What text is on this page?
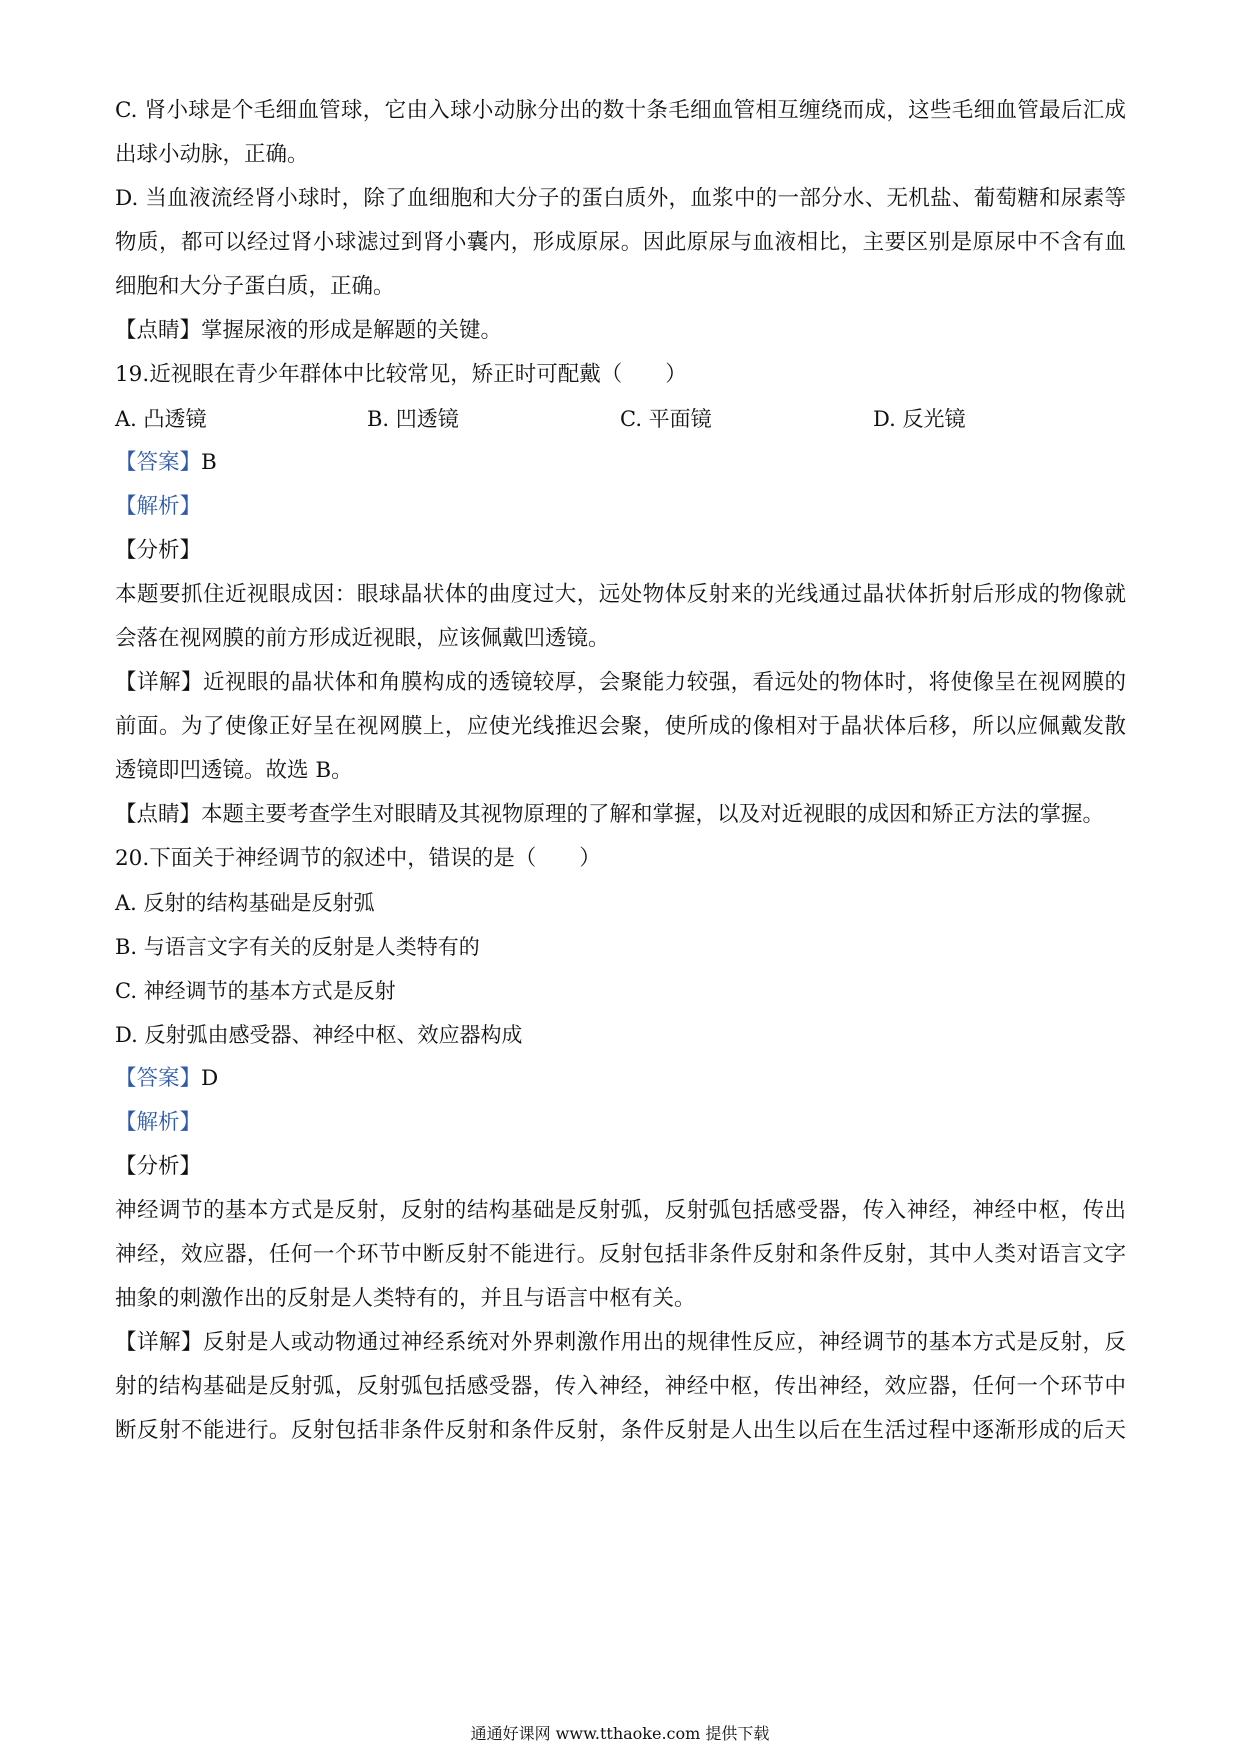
C. 肾小球是个毛细血管球，它由入球小动脉分出的数十条毛细血管相互缠绕而成，这些毛细血管最后汇成
出球小动脉，正确。
D. 当血液流经肾小球时，除了血细胞和大分子的蛋白质外，血浆中的一部分水、无机盐、葡萄糖和尿素等
物质，都可以经过肾小球滤过到肾小囊内，形成原尿。因此原尿与血液相比，主要区别是原尿中不含有血
细胞和大分子蛋白质，正确。
【点睛】掌握尿液的形成是解题的关键。
19.近视眼在青少年群体中比较常见，矫正时可配戴（　　）
A. 凸透镜	B. 凹透镜	C. 平面镜	D. 反光镜
【答案】B
【解析】
【分析】
本题要抓住近视眼成因：眼球晶状体的曲度过大，远处物体反射来的光线通过晶状体折射后形成的物像就
会落在视网膜的前方形成近视眼，应该佩戴凹透镜。
【详解】近视眼的晶状体和角膜构成的透镜较厚，会聚能力较强，看远处的物体时，将使像呈在视网膜的
前面。为了使像正好呈在视网膜上，应使光线推迟会聚，使所成的像相对于晶状体后移，所以应佩戴发散
透镜即凹透镜。故选 B。
【点睛】本题主要考查学生对眼睛及其视物原理的了解和掌握，以及对近视眼的成因和矫正方法的掌握。
20.下面关于神经调节的叙述中，错误的是（　　）
A. 反射的结构基础是反射弧
B. 与语言文字有关的反射是人类特有的
C. 神经调节的基本方式是反射
D. 反射弧由感受器、神经中枢、效应器构成
【答案】D
【解析】
【分析】
神经调节的基本方式是反射，反射的结构基础是反射弧，反射弧包括感受器，传入神经，神经中枢，传出
神经，效应器，任何一个环节中断反射不能进行。反射包括非条件反射和条件反射，其中人类对语言文字
抽象的刺激作出的反射是人类特有的，并且与语言中枢有关。
【详解】反射是人或动物通过神经系统对外界刺激作用出的规律性反应，神经调节的基本方式是反射，反
射的结构基础是反射弧，反射弧包括感受器，传入神经，神经中枢，传出神经，效应器，任何一个环节中
断反射不能进行。反射包括非条件反射和条件反射，条件反射是人出生以后在生活过程中逐渐形成的后天
通通好课网 www.tthaoke.com 提供下载
